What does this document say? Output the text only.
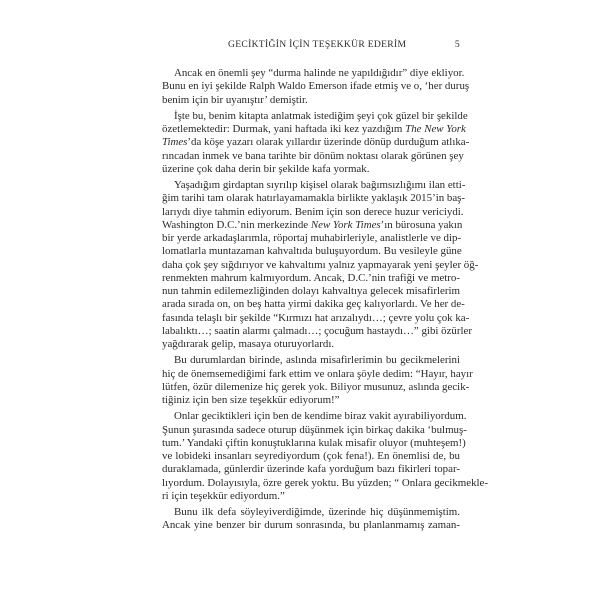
GECİKTİĞİN İÇİN TEŞEKKÜR EDERİM	5
Ancak en önemli şey “durma halinde ne yapıldığıdır” diye ekliyor.
Bunu en iyi şekilde Ralph Waldo Emerson ifade etmiş ve o, ‘her duruş
benim için bir uyanıştır’ demiştir.
İşte bu, benim kitapta anlatmak istediğim şeyi çok güzel bir şekilde
özetlemektedir: Durmak, yani haftada iki kez yazdığım The New York
Times’da köşe yazarı olarak yıllardır üzerinde dönüp durduğum atlıka-
rıncadan inmek ve bana tarihte bir dönüm noktası olarak görünen şey
üzerine çok daha derin bir şekilde kafa yormak.
Yaşadığım girdaptan sıyrılıp kişisel olarak bağımsızlığımı ilan etti-
ğim tarihi tam olarak hatırlayamamakla birlikte yaklaşık 2015’in baş-
larıydı diye tahmin ediyorum. Benim için son derece huzur vericiydi.
Washington D.C.’nin merkezinde New York Times’ın bürosuna yakın
bir yerde arkadaşlarımla, röportaj muhabirleriyle, analistlerle ve dip-
lomatlarla muntazaman kahvaltıda buluşuyordum. Bu vesileyle güne
daha çok şey sığdırıyor ve kahvaltımı yalnız yapmayarak yeni şeyler öğ-
renmekten mahrum kalmıyordum. Ancak, D.C.’nin trafiği ve metro-
nun tahmin edilemezliğinden dolayı kahvaltıya gelecek misafirlerim
arada sırada on, on beş hatta yirmi dakika geç kalıyorlardı. Ve her de-
fasında telaşlı bir şekilde “Kırmızı hat arızalıydı…; çevre yolu çok ka-
labalıktı…; saatin alarmı çalmadı…; çocuğum hastaydı…” gibi özürler
yağdırarak gelip, masaya oturuyorlardı.
Bu durumlardan birinde, aslında misafirlerimin bu gecikmelerini
hiç de önemsemediğimi fark ettim ve onlara şöyle dedim: “Hayır, hayır
lütfen, özür dilemenize hiç gerek yok. Biliyor musunuz, aslında gecik-
tiğiniz için ben size teşekkür ediyorum!”
Onlar geciktikleri için ben de kendime biraz vakit ayırabiliyordum.
Şunun şurasında sadece oturup düşünmek için birkaç dakika ‘bulmuş-
tum.’ Yandaki çiftin konuştuklarına kulak misafir oluyor (muhteşem!)
ve lobideki insanları seyrediyordum (çok fena!). En önemlisi de, bu
duraklamada, günlerdir üzerinde kafa yorduğum bazı fikirleri topar-
lıyordum. Dolayısıyla, özre gerek yoktu. Bu yüzden; “ Onlara gecikmekle-
ri için teşekkür ediyordum.”
Bunu ilk defa söyleyiverdiğimde, üzerinde hiç düşünmemiştim.
Ancak yine benzer bir durum sonrasında, bu planlanmamış zaman-
